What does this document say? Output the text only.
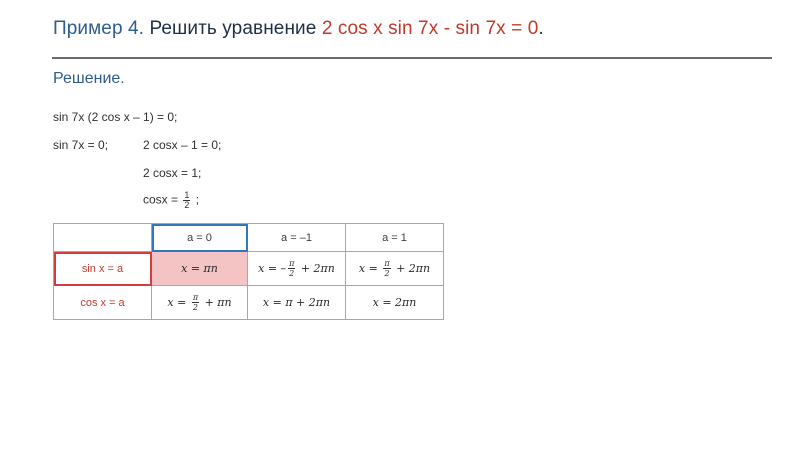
Пример 4. Решить уравнение 2 cos x sin 7x - sin 7x = 0.
Решение.
sin 7x (2 cos x – 1) = 0;
sin 7x = 0;	2 cosx – 1 = 0;
2 cosx = 1;
$\cos x = \frac{1}{2}$ ;
	a = 0	a = –1	a = 1
sin x = a	x = πn	x = – $\frac{\pi}{2} + 2\pi n$	$x = \frac{\pi}{2} + 2\pi n$
cos x = a	$x = \frac{\pi}{2} + \pi n$	x = π + 2πn	x = 2πn
